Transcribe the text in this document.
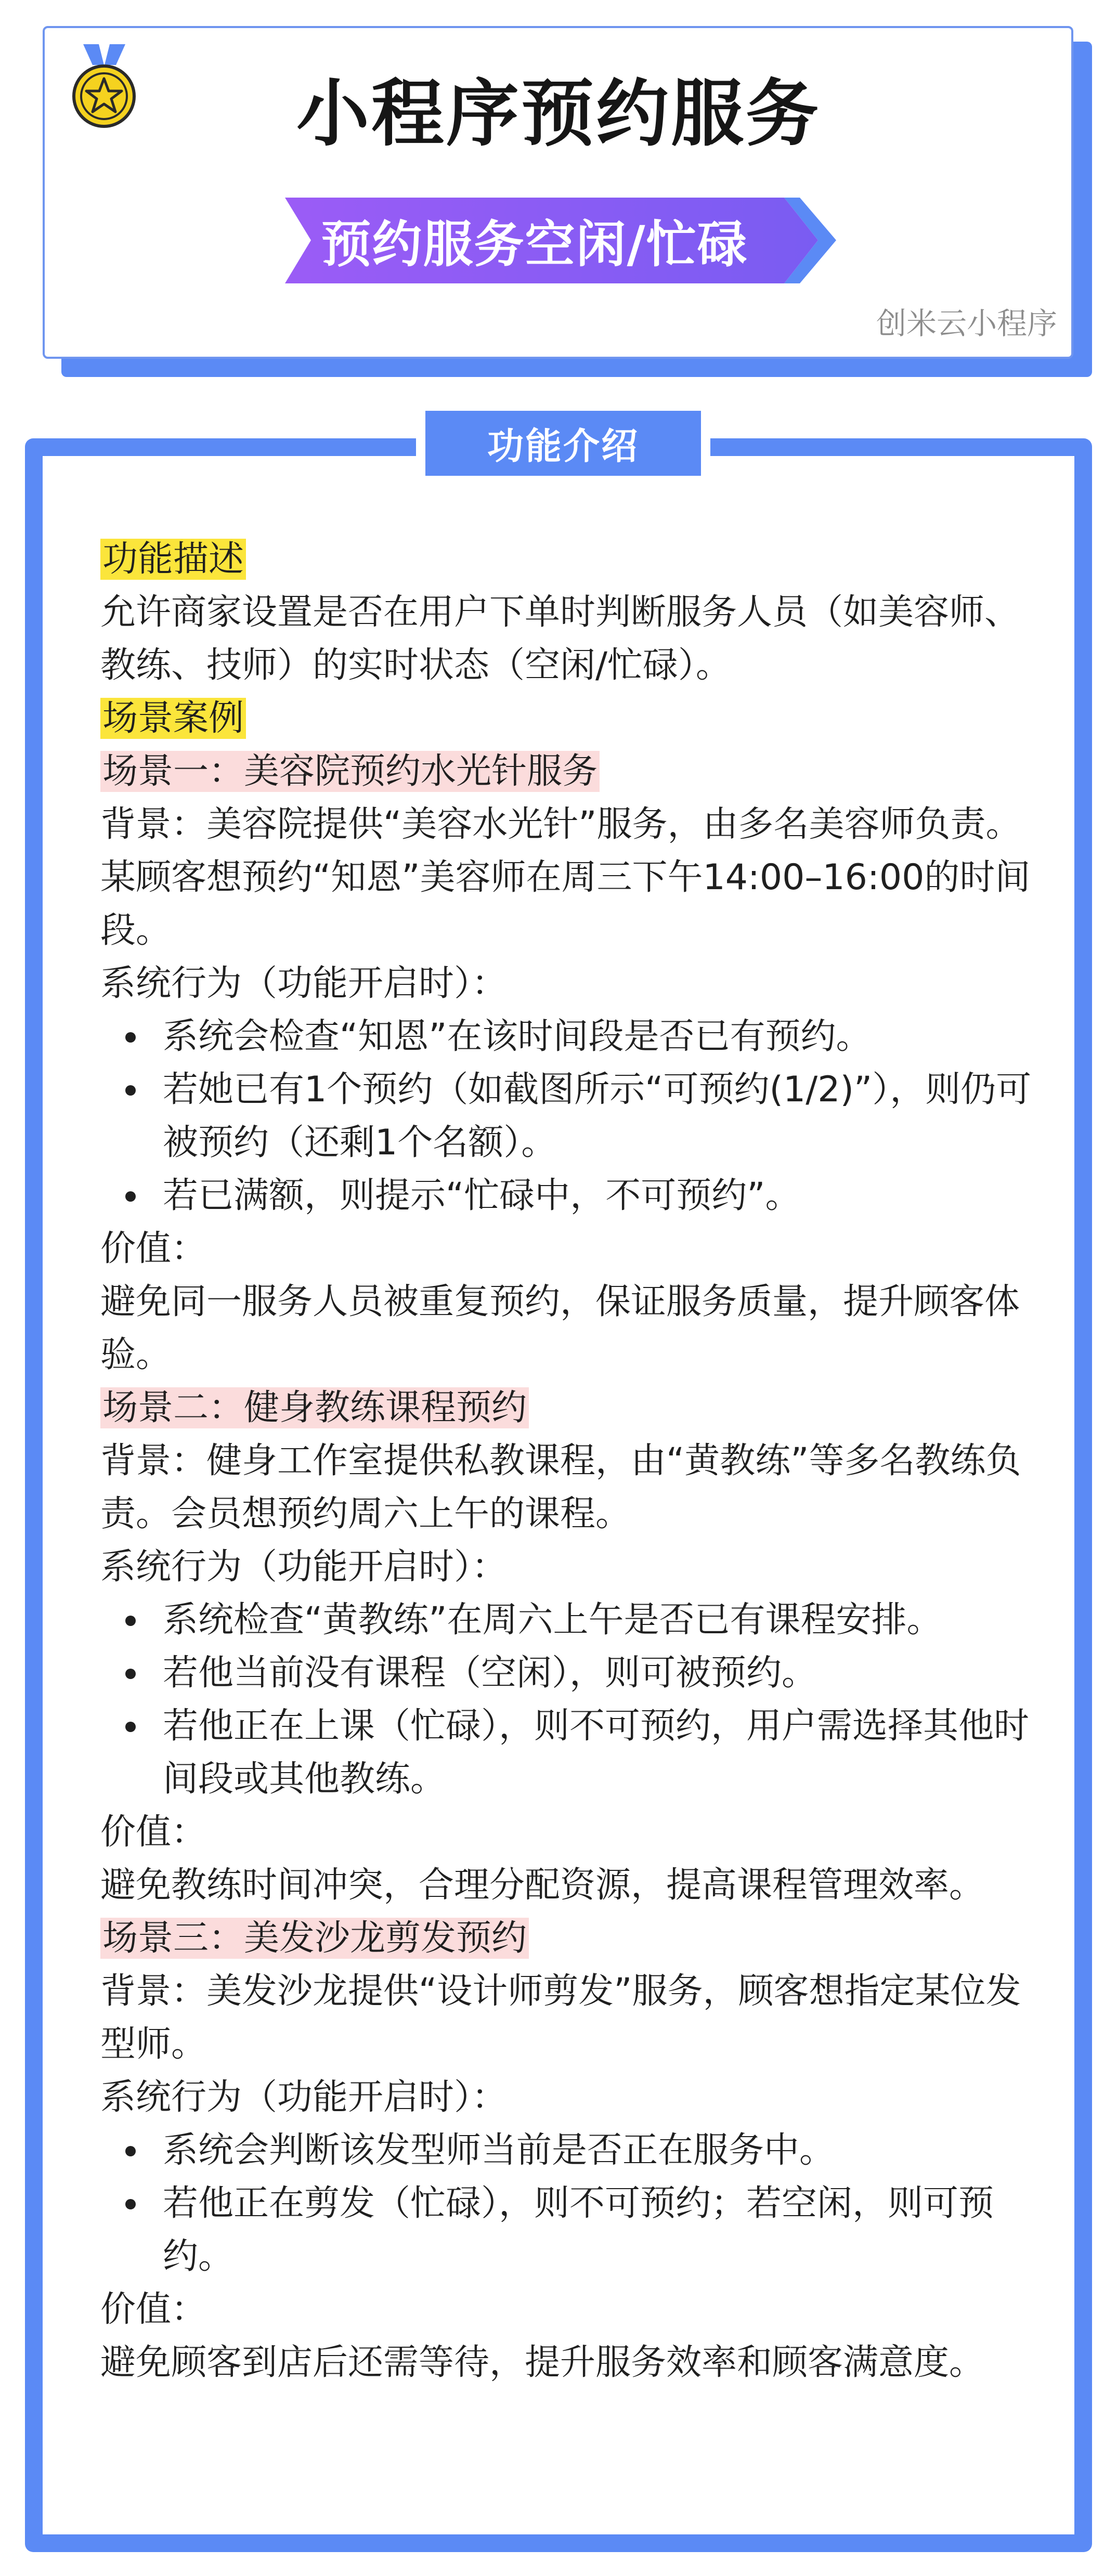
小程序预约服务
预约服务空闲/忙碌
创米云小程序
功能介绍

功能描述

允许商家设置是否在用户下单时判断服务人员（如美容师、教练、技师）的实时状态（空闲/忙碌）。

场景案例

场景一：美容院预约水光针服务

背景：美容院提供“美容水光针”服务，由多名美容师负责。某顾客想预约“知恩”美容师在周三下午14:00–16:00的时间段。

系统行为（功能开启时）：

系统会检查“知恩”在该时间段是否已有预约。
若她已有1个预约（如截图所示“可预约(1/2)”），则仍可被预约（还剩1个名额）。
若已满额，则提示“忙碌中，不可预约”。

价值：

避免同一服务人员被重复预约，保证服务质量，提升顾客体验。

场景二：健身教练课程预约

背景：健身工作室提供私教课程，由“黄教练”等多名教练负责。会员想预约周六上午的课程。

系统行为（功能开启时）：

系统检查“黄教练”在周六上午是否已有课程安排。
若他当前没有课程（空闲），则可被预约。
若他正在上课（忙碌），则不可预约，用户需选择其他时间段或其他教练。

价值：

避免教练时间冲突，合理分配资源，提高课程管理效率。

场景三：美发沙龙剪发预约

背景：美发沙龙提供“设计师剪发”服务，顾客想指定某位发型师。

系统行为（功能开启时）：

系统会判断该发型师当前是否正在服务中。
若他正在剪发（忙碌），则不可预约；若空闲，则可预约。

价值：

避免顾客到店后还需等待，提升服务效率和顾客满意度。
